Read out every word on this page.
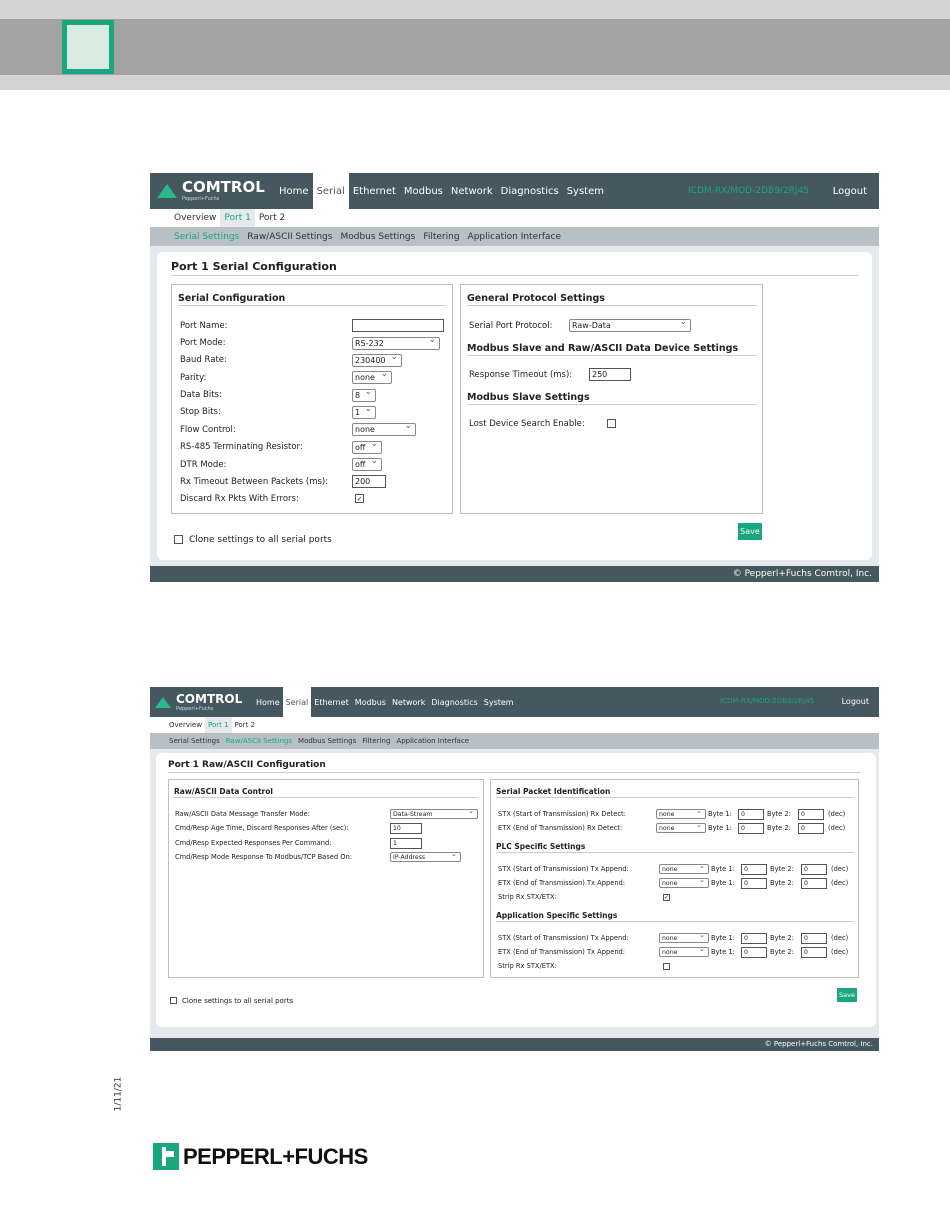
COMTROL
Pepperl+Fuchs
Home Serial Ethernet Modbus Network Diagnostics System	ICDM-RX/MOD-2DB9/2RJ45 Logout
Overview Port 1 Port 2
Serial Settings Raw/ASCII Settings Modbus Settings Filtering Application Interface
Port 1 Serial Configuration
Serial Configuration
Port Name:
Port Mode:	RS-232 ⌄
Baud Rate:	230400 ⌄
Parity:	none ⌄
Data Bits:	8 ⌄
Stop Bits:	1 ⌄
Flow Control:	none ⌄
RS-485 Terminating Resistor:	off ⌄
DTR Mode:	off ⌄
Rx Timeout Between Packets (ms):	200
Discard Rx Pkts With Errors:	✓
General Protocol Settings
Serial Port Protocol:	Raw-Data ⌄
Modbus Slave and Raw/ASCII Data Device Settings
Response Timeout (ms):	250
Modbus Slave Settings
Lost Device Search Enable:
Save
Clone settings to all serial ports
© Pepperl+Fuchs Comtrol, Inc.
COMTROL
Pepperl+Fuchs
Home Serial Ethernet Modbus Network Diagnostics System	ICDM-RX/MOD-2DB9/2RJ45	Logout
Overview Port 1 Port 2
Serial Settings Raw/ASCII Settings Modbus Settings Filtering Application Interface
Port 1 Raw/ASCII Configuration
Raw/ASCII Data Control
Raw/ASCII Data Message Transfer Mode:	Data-Stream ⌄
Cmd/Resp Age Time, Discard Responses After (sec):	10
Cmd/Resp Expected Responses Per Command:	1
Cmd/Resp Mode Response To Modbus/TCP Based On:	IP-Address ⌄
Serial Packet Identification
STX (Start of Transmission) Rx Detect:	none ⌄	Byte 1:	0	Byte 2:	0	(dec)
ETX (End of Transmission) Rx Detect:	none ⌄	Byte 1:	0	Byte 2:	0	(dec)
PLC Specific Settings
STX (Start of Transmission) Tx Append:	none ⌄	Byte 1:	0	Byte 2:	0	(dec)
ETX (End of Transmission) Tx Append:	none ⌄	Byte 1:	0	Byte 2:	0	(dec)
Strip Rx STX/ETX:	✓
Application Specific Settings
STX (Start of Transmission) Tx Append:	none ⌄	Byte 1:	0	Byte 2:	0	(dec)
ETX (End of Transmission) Tx Append:	none ⌄	Byte 1:	0	Byte 2:	0	(dec)
Strip Rx STX/ETX:
Save
Clone settings to all serial ports
© Pepperl+Fuchs Comtrol, Inc.
1/11/21
PEPPERL+FUCHS
